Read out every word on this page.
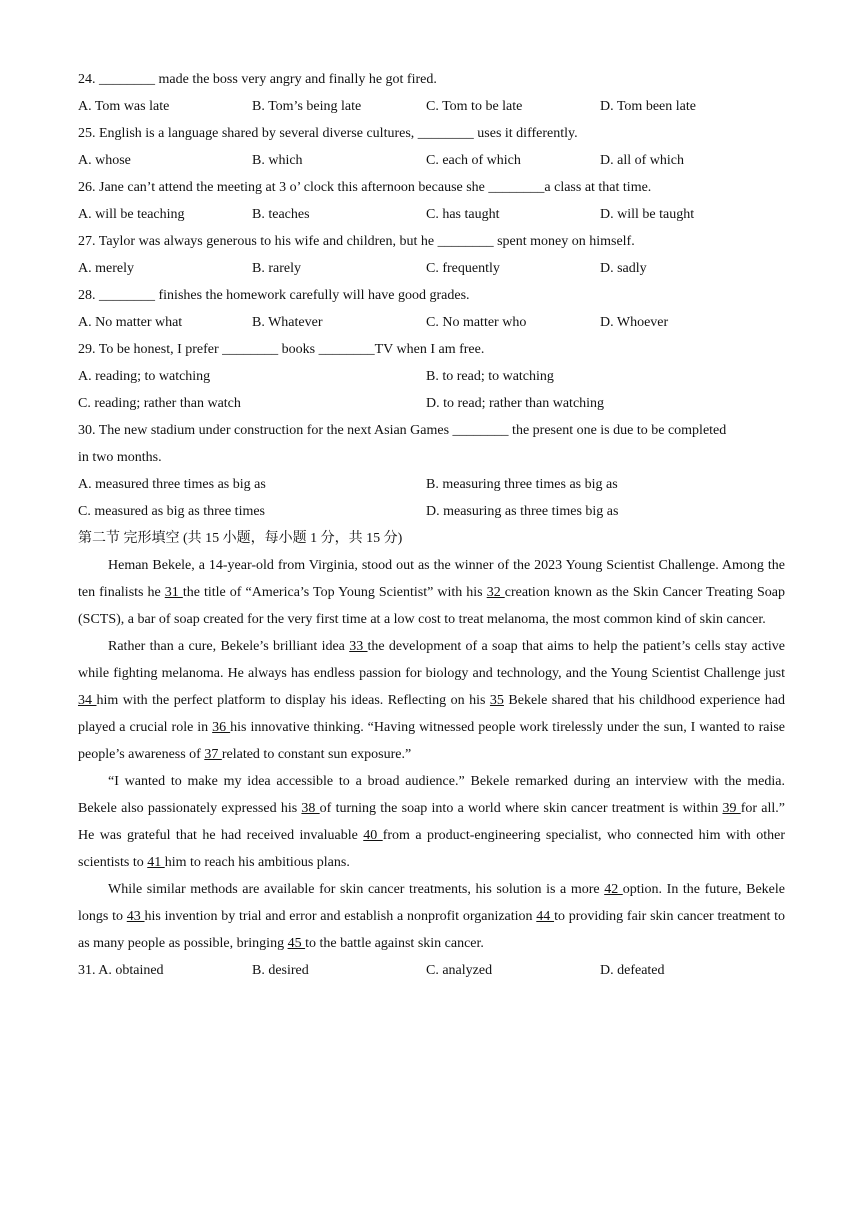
24. ________ made the boss very angry and finally he got fired.
A. Tom was late	B. Tom’s being late	C. Tom to be late	D. Tom been late
25. English is a language shared by several diverse cultures, ________ uses it differently.
A. whose	B. which	C. each of which	D. all of which
26. Jane can’t attend the meeting at 3 o’ clock this afternoon because she ________a class at that time.
A. will be teaching	B. teaches	C. has taught	D. will be taught
27. Taylor was always generous to his wife and children, but he ________ spent money on himself.
A. merely	B. rarely	C. frequently	D. sadly
28. ________ finishes the homework carefully will have good grades.
A. No matter what	B. Whatever	C. No matter who	D. Whoever
29. To be honest, I prefer ________ books ________TV when I am free.
A. reading; to watching	B. to read; to watching
C. reading; rather than watch	D. to read; rather than watching
30. The new stadium under construction for the next Asian Games ________ the present one is due to be completed
in two months.
A. measured three times as big as	B. measuring three times as big as
C. measured as big as three times	D. measuring as three times big as
第二节 完形填空 (共 15 小题，每小题 1 分，共 15 分)

Heman Bekele, a 14-year-old from Virginia, stood out as the winner of the 2023 Young Scientist Challenge. Among the ten finalists he 31 the title of “America’s Top Young Scientist” with his 32 creation known as the Skin Cancer Treating Soap (SCTS), a bar of soap created for the very first time at a low cost to treat melanoma, the most common kind of skin cancer.

Rather than a cure, Bekele’s brilliant idea 33 the development of a soap that aims to help the patient’s cells stay active while fighting melanoma. He always has endless passion for biology and technology, and the Young Scientist Challenge just 34 him with the perfect platform to display his ideas. Reflecting on his 35 Bekele shared that his childhood experience had played a crucial role in 36 his innovative thinking. “Having witnessed people work tirelessly under the sun, I wanted to raise people’s awareness of 37 related to constant sun exposure.”

“I wanted to make my idea accessible to a broad audience.” Bekele remarked during an interview with the media. Bekele also passionately expressed his 38 of turning the soap into a world where skin cancer treatment is within 39 for all.” He was grateful that he had received invaluable 40 from a product-engineering specialist, who connected him with other scientists to 41 him to reach his ambitious plans.

While similar methods are available for skin cancer treatments, his solution is a more 42 option. In the future, Bekele longs to 43 his invention by trial and error and establish a nonprofit organization 44 to providing fair skin cancer treatment to as many people as possible, bringing 45 to the battle against skin cancer.

31. A. obtained	B. desired	C. analyzed	D. defeated
